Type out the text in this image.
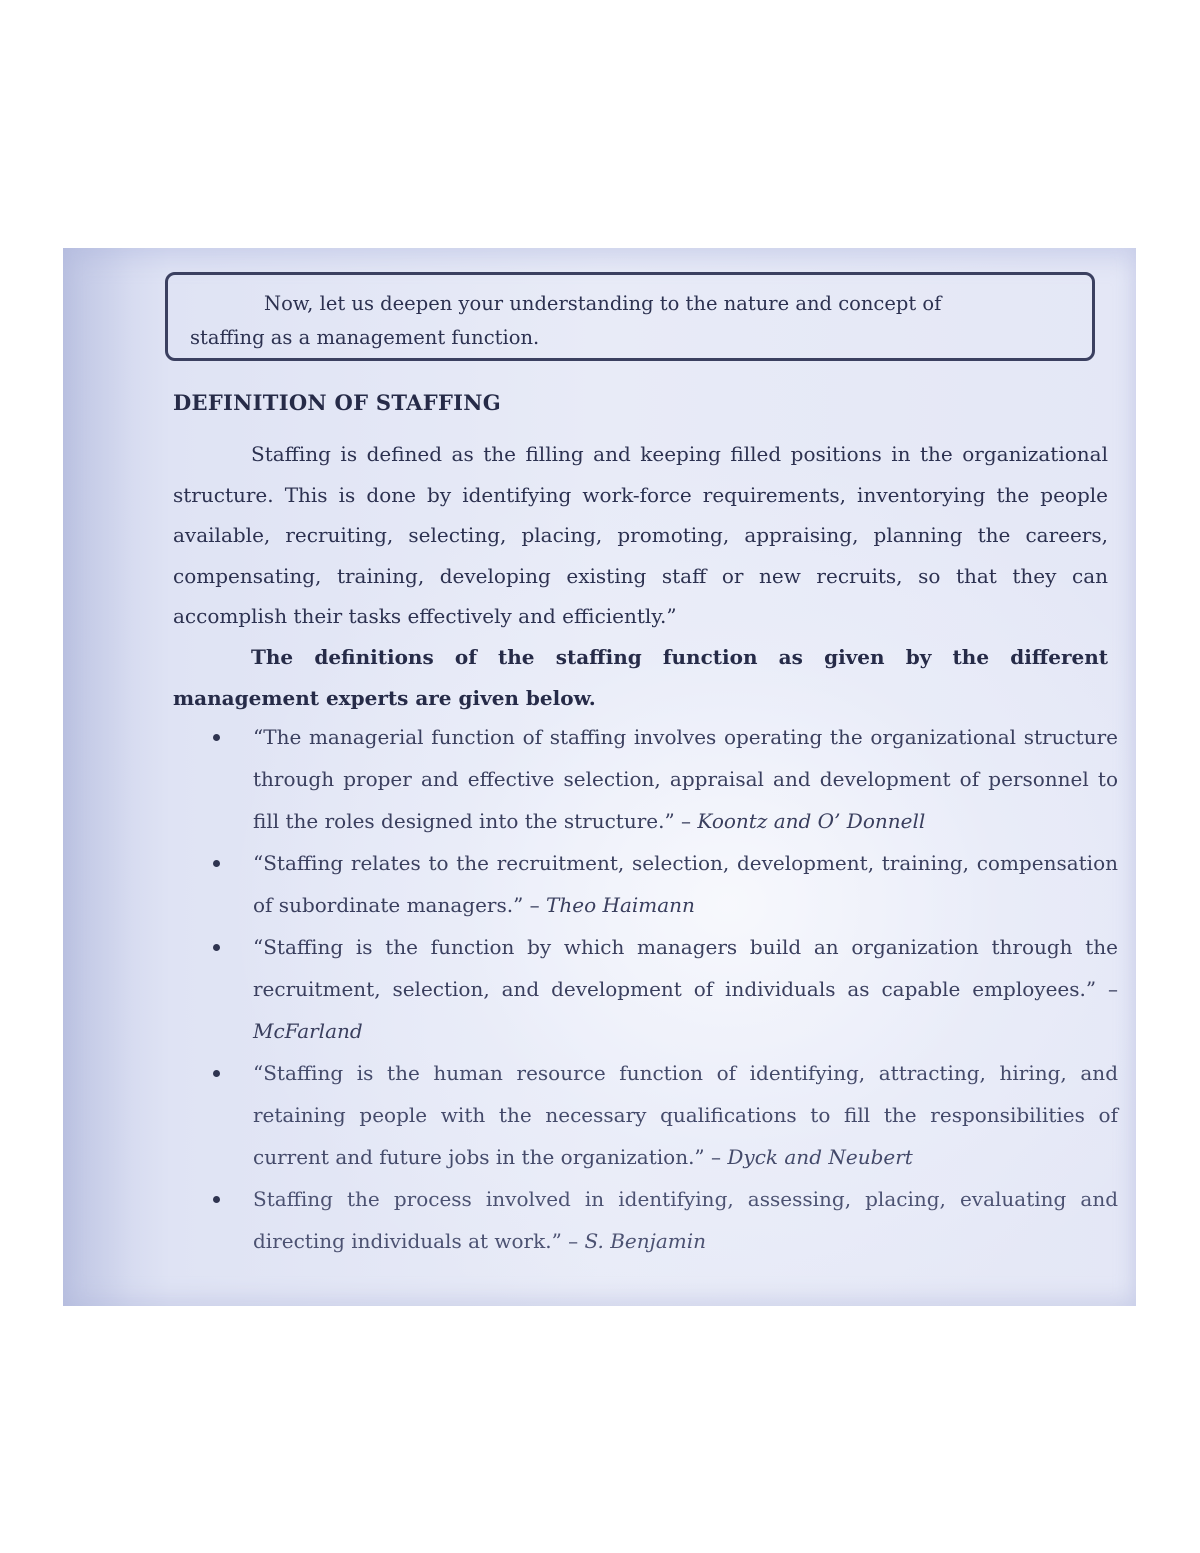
Now, let us deepen your understanding to the nature and concept of
staffing as a management function.
DEFINITION OF STAFFING
Staffing is defined as the filling and keeping filled positions in the organizational structure. This is done by identifying work-force requirements, inventorying the people available, recruiting, selecting, placing, promoting, appraising, planning the careers, compensating, training, developing existing staff or new recruits, so that they can accomplish their tasks effectively and efficiently.”
The definitions of the staffing function as given by the different management experts are given below.
“The managerial function of staffing involves operating the organizational structure through proper and effective selection, appraisal and development of personnel to fill the roles designed into the structure.” – Koontz and O’ Donnell
“Staffing relates to the recruitment, selection, development, training, compensation of subordinate managers.” – Theo Haimann
“Staffing is the function by which managers build an organization through the recruitment, selection, and development of individuals as capable employees.” – McFarland
“Staffing is the human resource function of identifying, attracting, hiring, and retaining people with the necessary qualifications to fill the responsibilities of current and future jobs in the organization.” – Dyck and Neubert
Staffing the process involved in identifying, assessing, placing, evaluating and directing individuals at work.” – S. Benjamin
